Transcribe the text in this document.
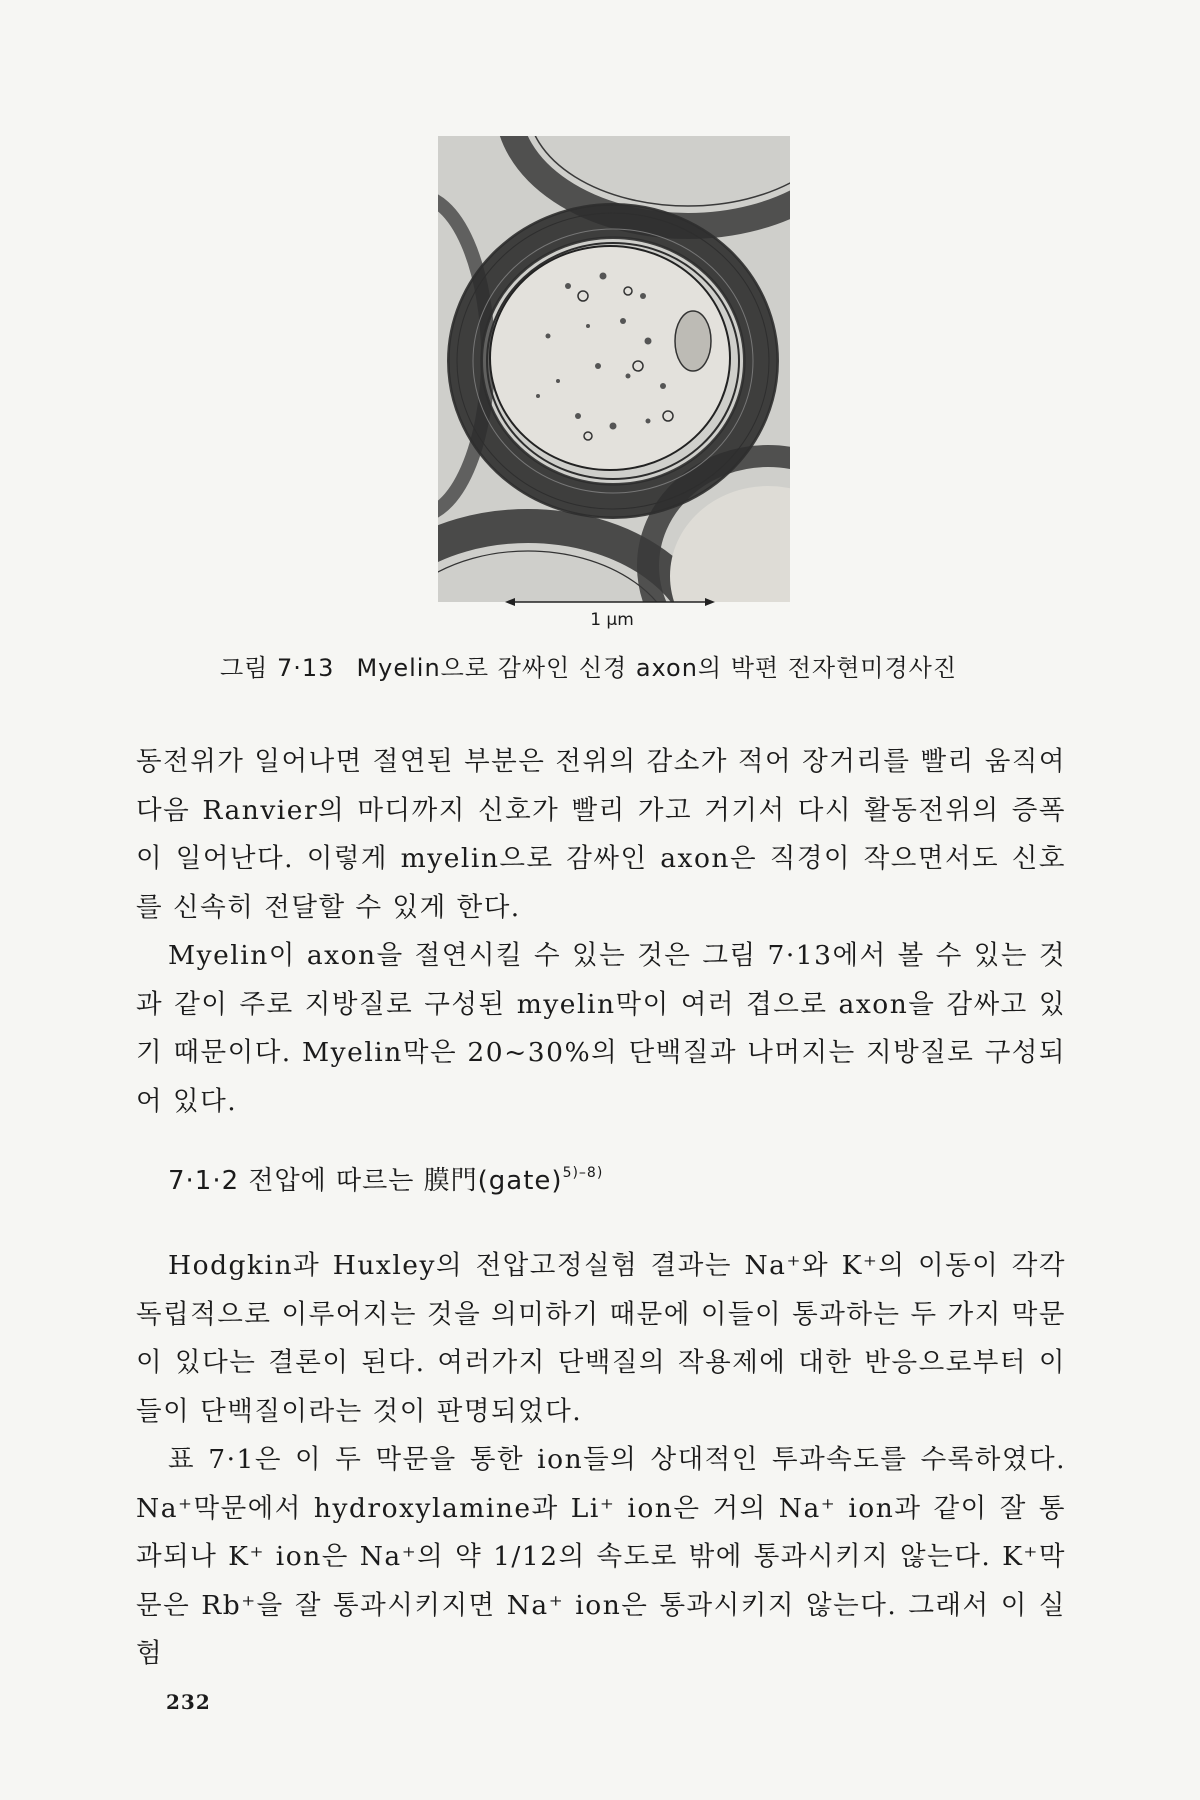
1 μm
그림 7·13 Myelin으로 감싸인 신경 axon의 박편 전자현미경사진

동전위가 일어나면 절연된 부분은 전위의 감소가 적어 장거리를 빨리 움직여 다음 Ranvier의 마디까지 신호가 빨리 가고 거기서 다시 활동전위의 증폭이 일어난다. 이렇게 myelin으로 감싸인 axon은 직경이 작으면서도 신호를 신속히 전달할 수 있게 한다.

Myelin이 axon을 절연시킬 수 있는 것은 그림 7·13에서 볼 수 있는 것과 같이 주로 지방질로 구성된 myelin막이 여러 겹으로 axon을 감싸고 있기 때문이다. Myelin막은 20~30%의 단백질과 나머지는 지방질로 구성되어 있다.

7·1·2 전압에 따르는 膜門(gate)$^{5)-8)}$

Hodgkin과 Huxley의 전압고정실험 결과는 Na⁺와 K⁺의 이동이 각각 독립적으로 이루어지는 것을 의미하기 때문에 이들이 통과하는 두 가지 막문이 있다는 결론이 된다. 여러가지 단백질의 작용제에 대한 반응으로부터 이들이 단백질이라는 것이 판명되었다.

표 7·1은 이 두 막문을 통한 ion들의 상대적인 투과속도를 수록하였다. Na⁺막문에서 hydroxylamine과 Li⁺ ion은 거의 Na⁺ ion과 같이 잘 통과되나 K⁺ ion은 Na⁺의 약 1/12의 속도로 밖에 통과시키지 않는다. K⁺막문은 Rb⁺을 잘 통과시키지면 Na⁺ ion은 통과시키지 않는다. 그래서 이 실험

232
